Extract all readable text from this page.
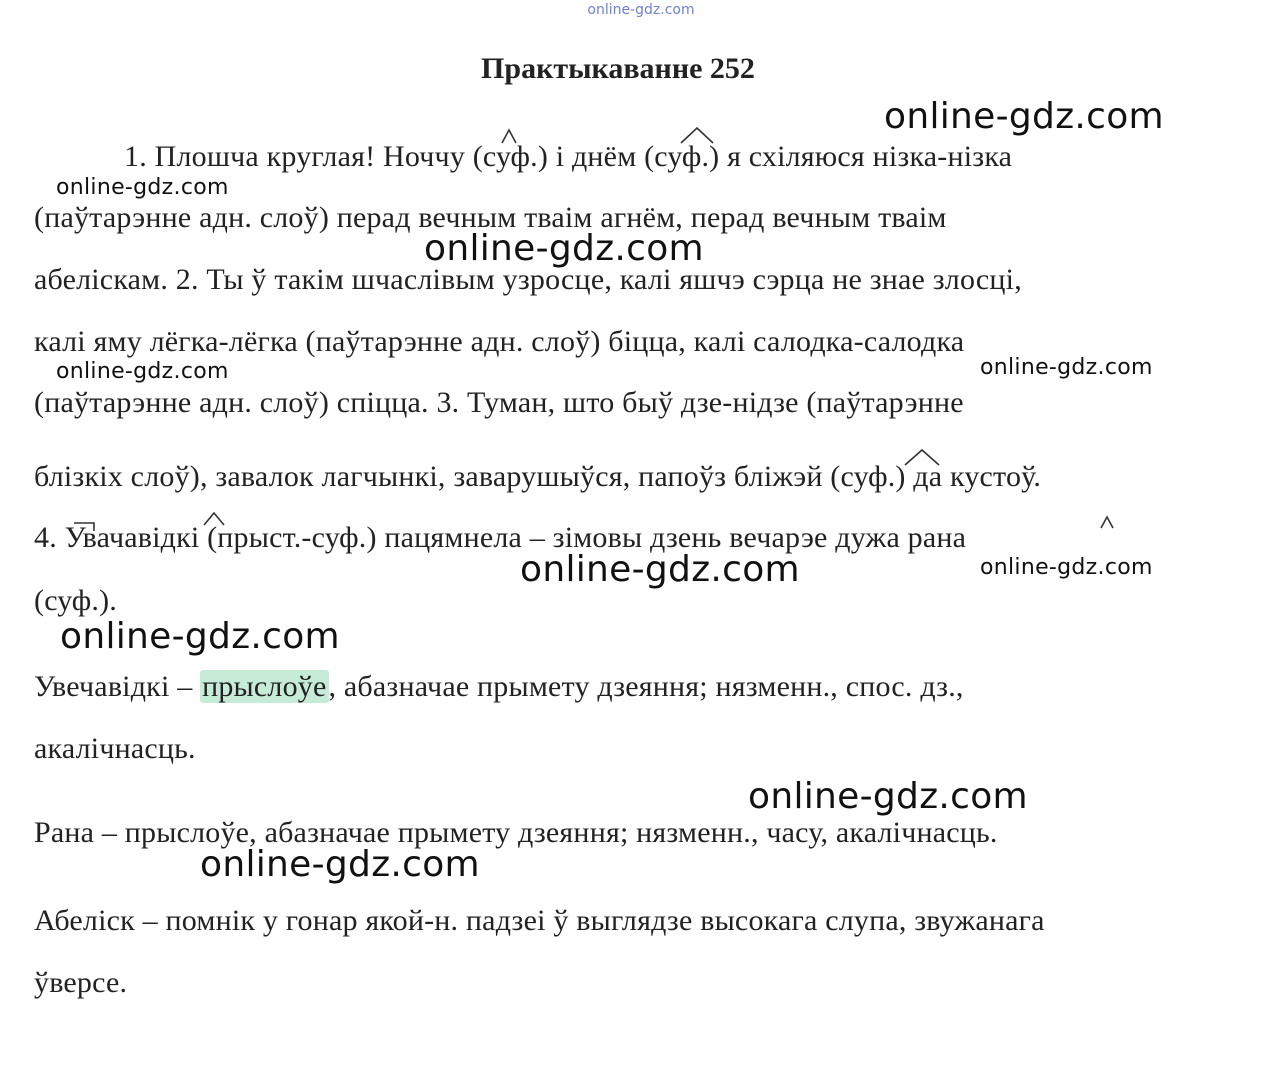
online-gdz.com
Практыкаванне 252
1. Плошча круглая! Ноччу (суф.) і днём (суф.) я схіляюся нізка-нізка
(паўтарэнне адн. слоў) перад вечным тваім агнём, перад вечным тваім
абеліскам. 2. Ты ў такім шчаслівым узросце, калі яшчэ сэрца не знае злосці,
калі яму лёгка-лёгка (паўтарэнне адн. слоў) біцца, калі салодка-салодка
(паўтарэнне адн. слоў) спіцца. 3. Туман, што быў дзе-нідзе (паўтарэнне
блізкіх слоў), завалок лагчынкі, заварушыўся, папоўз бліжэй (суф.) да кустоў.
4. Увачавідкі (прыст.-суф.) пацямнела – зімовы дзень вечарэе дужа рана
(суф.).
Увечавідкі – прыслоўе, абазначае прымету дзеяння; нязменн., спос. дз.,
акалічнасць.
Рана – прыслоўе, абазначае прымету дзеяння; нязменн., часу, акалічнасць.
Абеліск – помнік у гонар якой-н. падзеі ў выглядзе высокага слупа, звужанага
ўверсе.
online-gdz.com
online-gdz.com
online-gdz.com
online-gdz.com	online-gdz.com
online-gdz.com	online-gdz.com
online-gdz.com
online-gdz.com
online-gdz.com
